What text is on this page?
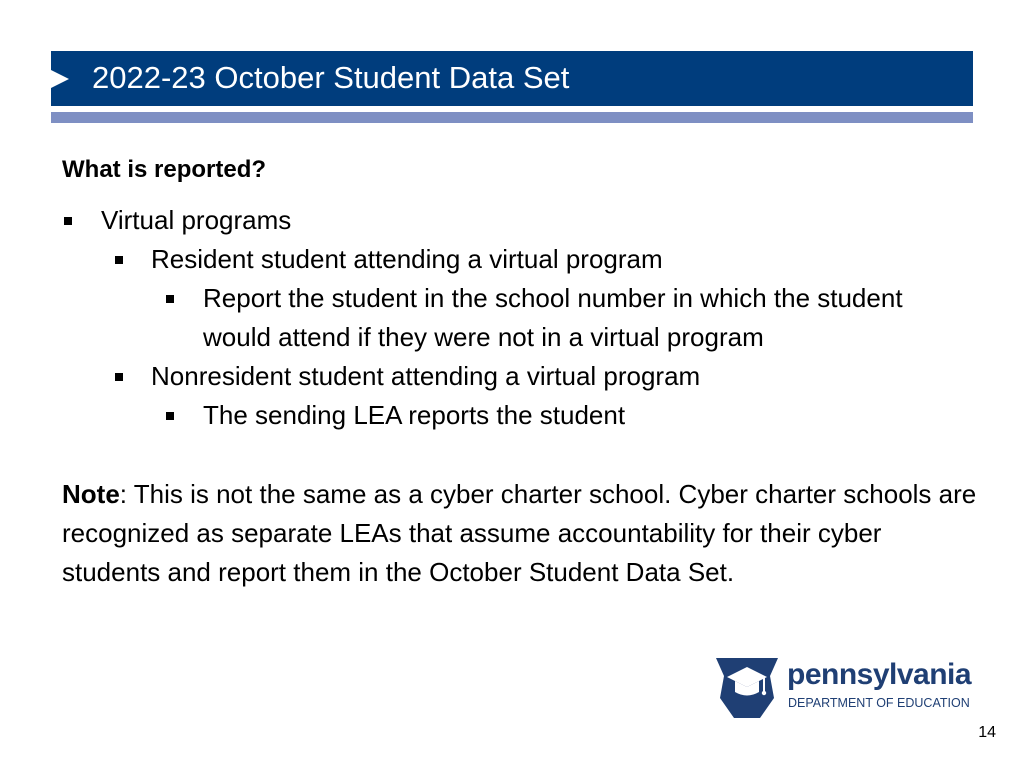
2022-23 October Student Data Set
What is reported?
Virtual programs
Resident student attending a virtual program
Report the student in the school number in which the student
would attend if they were not in a virtual program
Nonresident student attending a virtual program
The sending LEA reports the student

Note: This is not the same as a cyber charter school. Cyber charter schools are recognized as separate LEAs that assume accountability for their cyber students and report them in the October Student Data Set.

pennsylvania
DEPARTMENT OF EDUCATION
14
